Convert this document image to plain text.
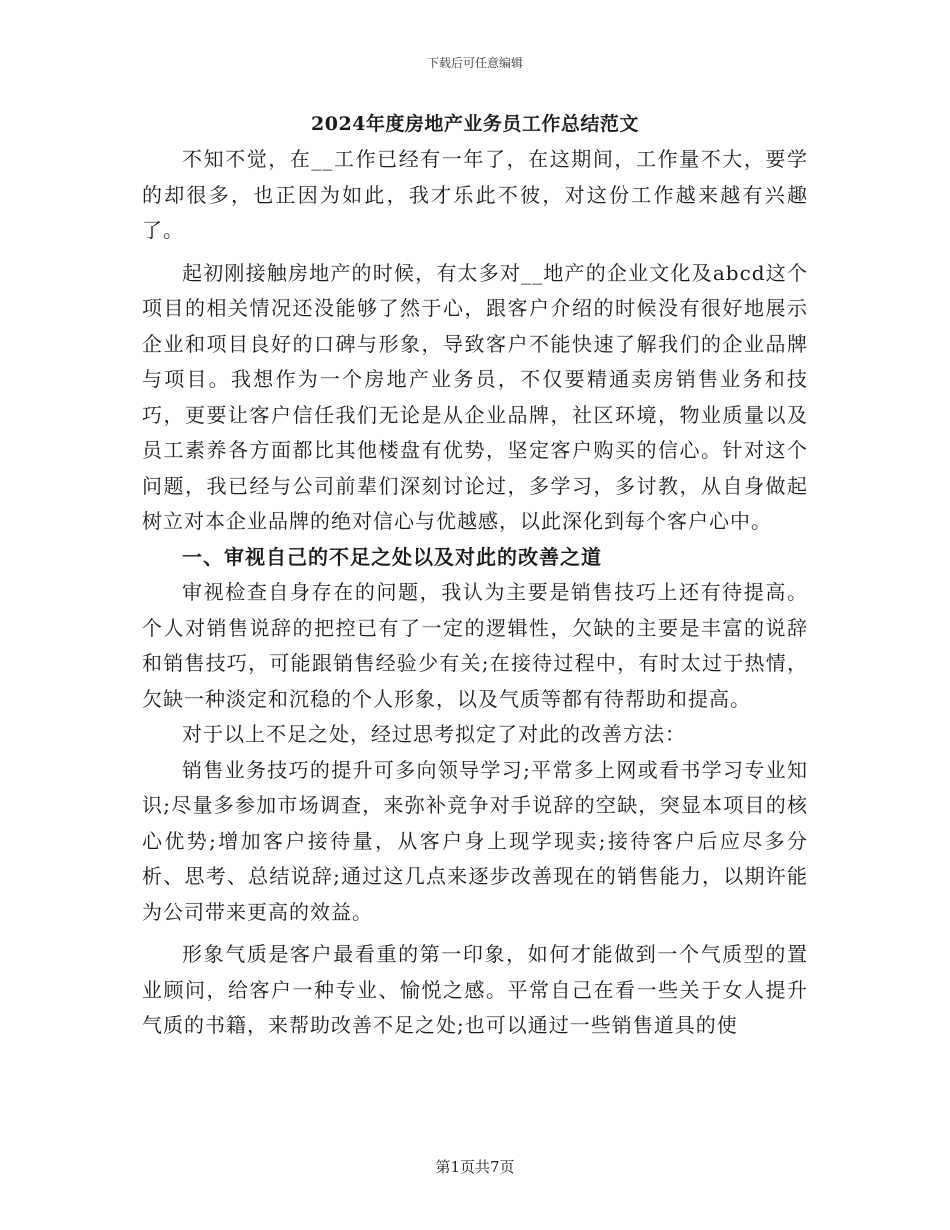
下载后可任意编辑
2024年度房地产业务员工作总结范文

不知不觉，在__工作已经有一年了，在这期间，工作量不大，要学的却很多，也正因为如此，我才乐此不彼，对这份工作越来越有兴趣了。

起初刚接触房地产的时候，有太多对__地产的企业文化及abcd这个项目的相关情况还没能够了然于心，跟客户介绍的时候没有很好地展示企业和项目良好的口碑与形象，导致客户不能快速了解我们的企业品牌与项目。我想作为一个房地产业务员，不仅要精通卖房销售业务和技巧，更要让客户信任我们无论是从企业品牌，社区环境，物业质量以及员工素养各方面都比其他楼盘有优势，坚定客户购买的信心。针对这个问题，我已经与公司前辈们深刻讨论过，多学习，多讨教，从自身做起树立对本企业品牌的绝对信心与优越感，以此深化到每个客户心中。

一、审视自己的不足之处以及对此的改善之道

审视检查自身存在的问题，我认为主要是销售技巧上还有待提高。个人对销售说辞的把控已有了一定的逻辑性，欠缺的主要是丰富的说辞和销售技巧，可能跟销售经验少有关;在接待过程中，有时太过于热情，欠缺一种淡定和沉稳的个人形象，以及气质等都有待帮助和提高。

对于以上不足之处，经过思考拟定了对此的改善方法：

销售业务技巧的提升可多向领导学习;平常多上网或看书学习专业知识;尽量多参加市场调查，来弥补竞争对手说辞的空缺，突显本项目的核心优势;增加客户接待量，从客户身上现学现卖;接待客户后应尽多分析、思考、总结说辞;通过这几点来逐步改善现在的销售能力，以期许能为公司带来更高的效益。

形象气质是客户最看重的第一印象，如何才能做到一个气质型的置业顾问，给客户一种专业、愉悦之感。平常自己在看一些关于女人提升气质的书籍，来帮助改善不足之处;也可以通过一些销售道具的使

第1页共7页
